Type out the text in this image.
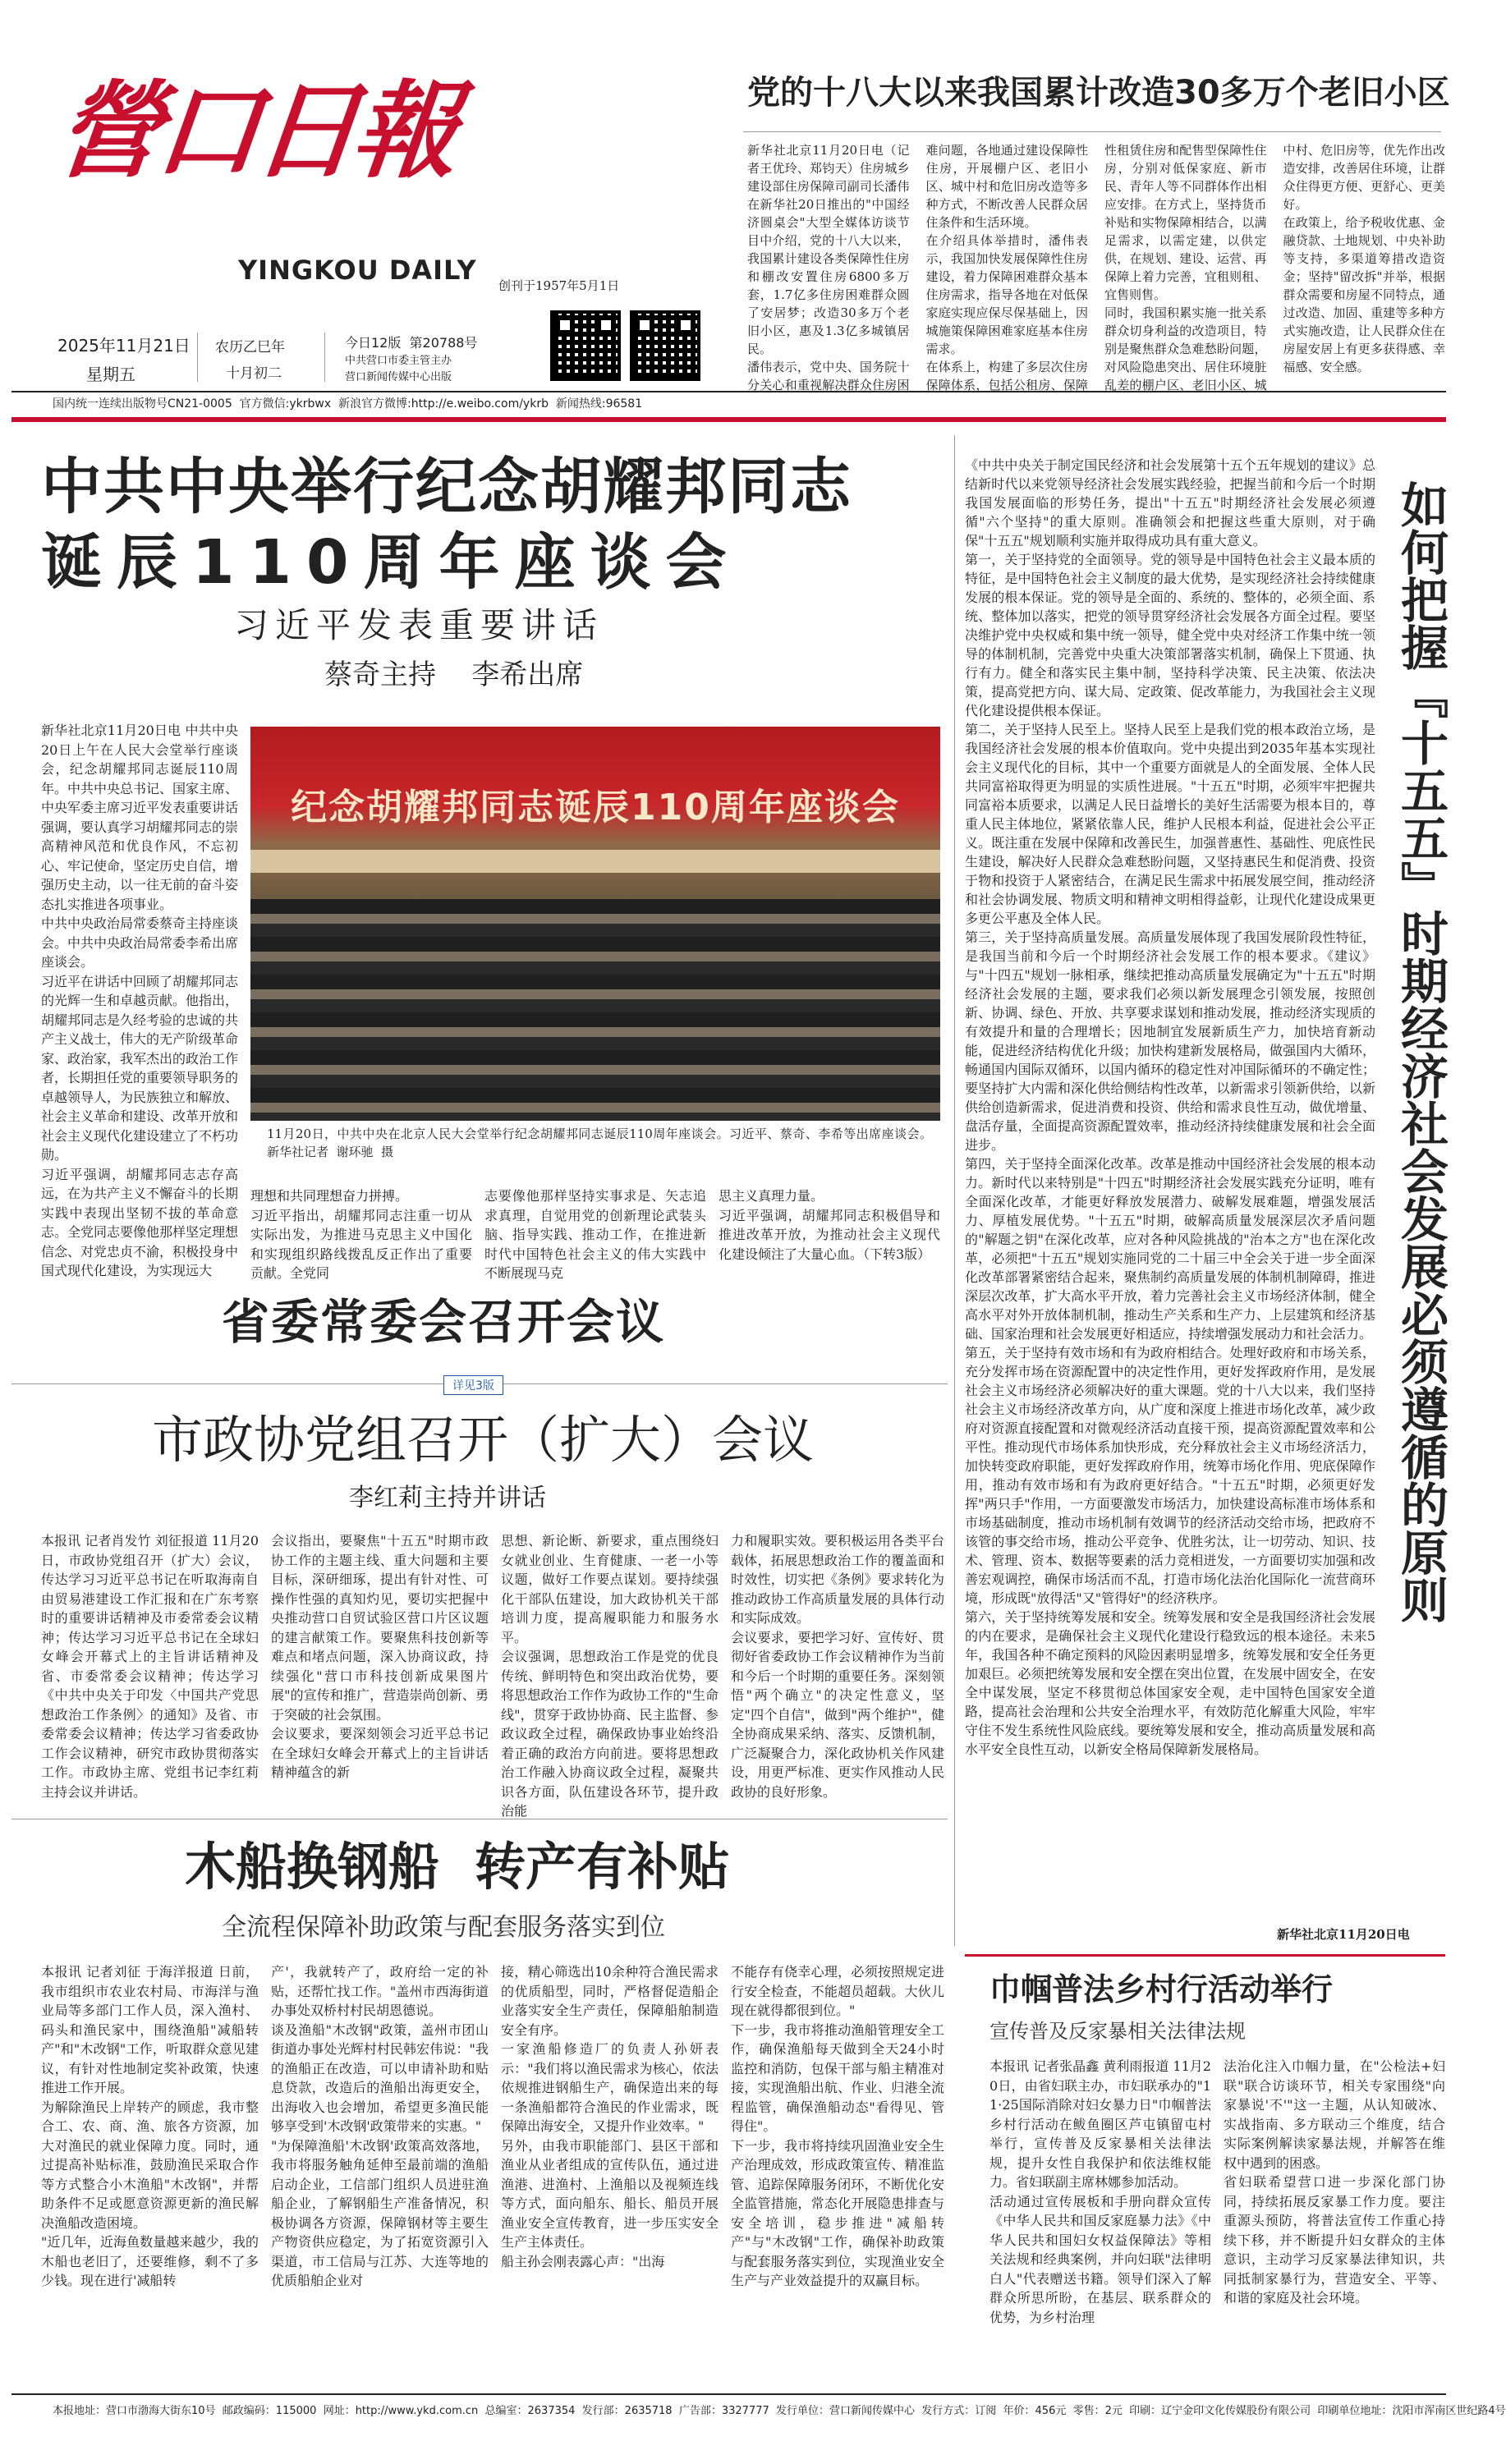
營口日報
YINGKOU DAILY 创刊于1957年5月1日
2025年11月21日
星期五
农历乙巳年
十月初二
今日12版  第20788号
中共营口市委主管主办
营口新闻传媒中心出版
国内统一连续出版物号CN21-0005  官方微信:ykrbwx  新浪官方微博:http://e.weibo.com/ykrb  新闻热线:96581
党的十八大以来我国累计改造30多万个老旧小区
新华社北京11月20日电（记者王优玲、郑钧天）住房城乡建设部住房保障司副司长潘伟在新华社20日推出的"中国经济圆桌会"大型全媒体访谈节目中介绍，党的十八大以来，我国累计建设各类保障性住房和棚改安置住房6800多万套，1.7亿多住房困难群众圆了安居梦；改造30多万个老旧小区，惠及1.3亿多城镇居民。
潘伟表示，党中央、国务院十分关心和重视解决群众住房困难问题，各地通过建设保障性住房，开展棚户区、老旧小区、城中村和危旧房改造等多种方式，不断改善人民群众居住条件和生活环境。
在介绍具体举措时，潘伟表示，我国加快发展保障性住房建设，着力保障困难群众基本住房需求，指导各地在对低保家庭实现应保尽保基础上，因城施策保障困难家庭基本住房需求。
在体系上，构建了多层次住房保障体系，包括公租房、保障性租赁住房和配售型保障性住房，分别对低保家庭、新市民、青年人等不同群体作出相应安排。在方式上，坚持货币补贴和实物保障相结合，以满足需求，以需定建，以供定供，在规划、建设、运营、再保障上着力完善，宜租则租、宜售则售。
同时，我国积累实施一批关系群众切身利益的改造项目，特别是聚焦群众急难愁盼问题，对风险隐患突出、居住环境脏乱差的棚户区、老旧小区、城中村、危旧房等，优先作出改造安排，改善居住环境，让群众住得更方便、更舒心、更美好。
在政策上，给予税收优惠、金融贷款、土地规划、中央补助等支持，多渠道筹措改造资金；坚持"留改拆"并举，根据群众需要和房屋不同特点，通过改造、加固、重建等多种方式实施改造，让人民群众住在房屋安居上有更多获得感、幸福感、安全感。
中共中央举行纪念胡耀邦同志
诞辰110周年座谈会
习近平发表重要讲话
蔡奇主持    李希出席
新华社北京11月20日电 中共中央20日上午在人民大会堂举行座谈会，纪念胡耀邦同志诞辰110周年。中共中央总书记、国家主席、中央军委主席习近平发表重要讲话强调，要认真学习胡耀邦同志的崇高精神风范和优良作风，不忘初心、牢记使命，坚定历史自信，增强历史主动，以一往无前的奋斗姿态扎实推进各项事业。
中共中央政治局常委蔡奇主持座谈会。中共中央政治局常委李希出席座谈会。
习近平在讲话中回顾了胡耀邦同志的光辉一生和卓越贡献。他指出，胡耀邦同志是久经考验的忠诚的共产主义战士，伟大的无产阶级革命家、政治家，我军杰出的政治工作者，长期担任党的重要领导职务的卓越领导人，为民族独立和解放、社会主义革命和建设、改革开放和社会主义现代化建设建立了不朽功勋。
习近平强调，胡耀邦同志志存高远，在为共产主义不懈奋斗的长期实践中表现出坚韧不拔的革命意志。全党同志要像他那样坚定理想信念、对党忠贞不渝，积极投身中国式现代化建设，为实现远大
纪念胡耀邦同志诞辰110周年座谈会
11月20日，中共中央在北京人民大会堂举行纪念胡耀邦同志诞辰110周年座谈会。习近平、蔡奇、李希等出席座谈会。 新华社记者  谢环驰  摄
理想和共同理想奋力拼搏。
习近平指出，胡耀邦同志注重一切从实际出发，为推进马克思主义中国化和实现组织路线拨乱反正作出了重要贡献。全党同
志要像他那样坚持实事求是、矢志追求真理，自觉用党的创新理论武装头脑、指导实践、推动工作，在推进新时代中国特色社会主义的伟大实践中不断展现马克
思主义真理力量。
习近平强调，胡耀邦同志积极倡导和推进改革开放，为推动社会主义现代化建设倾注了大量心血。（下转3版）
省委常委会召开会议
详见3版
市政协党组召开（扩大）会议
李红莉主持并讲话
本报讯 记者肖发竹 刘征报道 11月20日，市政协党组召开（扩大）会议，传达学习习近平总书记在听取海南自由贸易港建设工作汇报和在广东考察时的重要讲话精神及市委常委会议精神；传达学习习近平总书记在全球妇女峰会开幕式上的主旨讲话精神及省、市委常委会议精神；传达学习《中共中央关于印发〈中国共产党思想政治工作条例〉的通知》及省、市委常委会议精神；传达学习省委政协工作会议精神，研究市政协贯彻落实工作。市政协主席、党组书记李红莉主持会议并讲话。
会议指出，要聚焦"十五五"时期市政协工作的主题主线、重大问题和主要目标，深研细琢，提出有针对性、可操作性强的真知灼见，要切实把握中央推动营口自贸试验区营口片区议题的建言献策工作。要聚焦科技创新等难点和堵点问题，深入协商议政，持续强化"营口市科技创新成果图片展"的宣传和推广，营造崇尚创新、勇于突破的社会氛围。
会议要求，要深刻领会习近平总书记在全球妇女峰会开幕式上的主旨讲话精神蕴含的新
思想、新论断、新要求，重点围绕妇女就业创业、生育健康、一老一小等议题，做好工作要点谋划。要持续强化干部队伍建设，加大政协机关干部培训力度，提高履职能力和服务水平。
会议强调，思想政治工作是党的优良传统、鲜明特色和突出政治优势，要将思想政治工作作为政协工作的"生命线"，贯穿于政协协商、民主监督、参政议政全过程，确保政协事业始终沿着正确的政治方向前进。要将思想政治工作融入协商议政全过程，凝聚共识各方面，队伍建设各环节，提升政治能
力和履职实效。要积极运用各类平台载体，拓展思想政治工作的覆盖面和时效性，切实把《条例》要求转化为推动政协工作高质量发展的具体行动和实际成效。
会议要求，要把学习好、宣传好、贯彻好省委政协工作会议精神作为当前和今后一个时期的重要任务。深刻领悟"两个确立"的决定性意义，坚定"四个自信"，做到"两个维护"，健全协商成果采纳、落实、反馈机制，广泛凝聚合力，深化政协机关作风建设，用更严标准、更实作风推动人民政协的良好形象。
木船换钢船  转产有补贴
全流程保障补助政策与配套服务落实到位
本报讯 记者刘征 于海洋报道 日前，我市组织市农业农村局、市海洋与渔业局等多部门工作人员，深入渔村、码头和渔民家中，围绕渔船"减船转产"和"木改钢"工作，听取群众意见建议，有针对性地制定奖补政策，快速推进工作开展。
为解除渔民上岸转产的顾虑，我市整合工、农、商、渔、旅各方资源，加大对渔民的就业保障力度。同时，通过提高补贴标准，鼓励渔民采取合作等方式整合小木渔船"木改钢"，并帮助条件不足或愿意资源更新的渔民解决渔船改造困境。
"近几年，近海鱼数量越来越少，我的木船也老旧了，还要维修，剩不了多少钱。现在进行'减船转
产'，我就转产了，政府给一定的补贴，还帮忙找工作。"盖州市西海街道办事处双桥村村民胡恩德说。
谈及渔船"木改钢"政策，盖州市团山街道办事处光辉村村民韩宏伟说："我的渔船正在改造，可以申请补助和贴息贷款，改造后的渔船出海更安全，出海收入也会增加，希望更多渔民能够享受到'木改钢'政策带来的实惠。"
"为保障渔船'木改钢'政策高效落地，我市将服务触角延伸至最前端的渔船启动企业，工信部门组织人员进驻渔船企业，了解钢船生产准备情况，积极协调各方资源，保障钢材等主要生产物资供应稳定，为了拓宽资源引入渠道，市工信局与江苏、大连等地的优质船舶企业对
接，精心筛选出10余种符合渔民需求的优质船型，同时，严格督促造船企业落实安全生产责任，保障船舶制造安全有序。
一家渔船修造厂的负责人孙妍表示："我们将以渔民需求为核心，依法依规推进钢船生产，确保造出来的每一条渔船都符合渔民的作业需求，既保障出海安全，又提升作业效率。"
另外，由我市职能部门、县区干部和渔业从业者组成的宣传队伍，通过进渔港、进渔村、上渔船以及视频连线等方式，面向船东、船长、船员开展渔业安全宣传教育，进一步压实安全生产主体责任。
船主孙会刚表露心声："出海
不能存有侥幸心理，必须按照规定进行安全检查，不能超员超载。大伙儿现在就得都很到位。"
下一步，我市将推动渔船管理安全工作，确保渔船每天做到全天24小时监控和消防，包保干部与船主精准对接，实现渔船出航、作业、归港全流程监管，确保渔船动态"看得见、管得住"。
下一步，我市将持续巩固渔业安全生产治理成效，形成政策宣传、精准监管、追踪保障服务闭环，不断优化安全监管措施，常态化开展隐患排查与安全培训，稳步推进"减船转产"与"木改钢"工作，确保补助政策与配套服务落实到位，实现渔业安全生产与产业效益提升的双赢目标。
《中共中央关于制定国民经济和社会发展第十五个五年规划的建议》总结新时代以来党领导经济社会发展实践经验，把握当前和今后一个时期我国发展面临的形势任务，提出"十五五"时期经济社会发展必须遵循"六个坚持"的重大原则。准确领会和把握这些重大原则，对于确保"十五五"规划顺利实施并取得成功具有重大意义。
第一，关于坚持党的全面领导。党的领导是中国特色社会主义最本质的特征，是中国特色社会主义制度的最大优势，是实现经济社会持续健康发展的根本保证。党的领导是全面的、系统的、整体的，必须全面、系统、整体加以落实，把党的领导贯穿经济社会发展各方面全过程。要坚决维护党中央权威和集中统一领导，健全党中央对经济工作集中统一领导的体制机制，完善党中央重大决策部署落实机制，确保上下贯通、执行有力。健全和落实民主集中制，坚持科学决策、民主决策、依法决策，提高党把方向、谋大局、定政策、促改革能力，为我国社会主义现代化建设提供根本保证。
第二，关于坚持人民至上。坚持人民至上是我们党的根本政治立场，是我国经济社会发展的根本价值取向。党中央提出到2035年基本实现社会主义现代化的目标，其中一个重要方面就是人的全面发展、全体人民共同富裕取得更为明显的实质性进展。"十五五"时期，必须牢牢把握共同富裕本质要求，以满足人民日益增长的美好生活需要为根本目的，尊重人民主体地位，紧紧依靠人民，维护人民根本利益，促进社会公平正义。既注重在发展中保障和改善民生，加强普惠性、基础性、兜底性民生建设，解决好人民群众急难愁盼问题，又坚持惠民生和促消费、投资于物和投资于人紧密结合，在满足民生需求中拓展发展空间，推动经济和社会协调发展、物质文明和精神文明相得益彰，让现代化建设成果更多更公平惠及全体人民。
第三，关于坚持高质量发展。高质量发展体现了我国发展阶段性特征，是我国当前和今后一个时期经济社会发展工作的根本要求。《建议》与"十四五"规划一脉相承，继续把推动高质量发展确定为"十五五"时期经济社会发展的主题，要求我们必须以新发展理念引领发展，按照创新、协调、绿色、开放、共享要求谋划和推动发展，推动经济实现质的有效提升和量的合理增长；因地制宜发展新质生产力，加快培育新动能，促进经济结构优化升级；加快构建新发展格局，做强国内大循环，畅通国内国际双循环，以国内循环的稳定性对冲国际循环的不确定性；要坚持扩大内需和深化供给侧结构性改革，以新需求引领新供给，以新供给创造新需求，促进消费和投资、供给和需求良性互动，做优增量、盘活存量，全面提高资源配置效率，推动经济持续健康发展和社会全面进步。
第四，关于坚持全面深化改革。改革是推动中国经济社会发展的根本动力。新时代以来特别是"十四五"时期经济社会发展实践充分证明，唯有全面深化改革，才能更好释放发展潜力、破解发展难题，增强发展活力、厚植发展优势。"十五五"时期，破解高质量发展深层次矛盾问题的"解题之钥"在深化改革，应对各种风险挑战的"治本之方"也在深化改革，必须把"十五五"规划实施同党的二十届三中全会关于进一步全面深化改革部署紧密结合起来，聚焦制约高质量发展的体制机制障碍，推进深层次改革，扩大高水平开放，着力完善社会主义市场经济体制，健全高水平对外开放体制机制，推动生产关系和生产力、上层建筑和经济基础、国家治理和社会发展更好相适应，持续增强发展动力和社会活力。
第五，关于坚持有效市场和有为政府相结合。处理好政府和市场关系，充分发挥市场在资源配置中的决定性作用，更好发挥政府作用，是发展社会主义市场经济必须解决好的重大课题。党的十八大以来，我们坚持社会主义市场经济改革方向，从广度和深度上推进市场化改革，减少政府对资源直接配置和对微观经济活动直接干预，提高资源配置效率和公平性。推动现代市场体系加快形成，充分释放社会主义市场经济活力，加快转变政府职能，更好发挥政府作用，统筹市场化作用、兜底保障作用，推动有效市场和有为政府更好结合。"十五五"时期，必须更好发挥"两只手"作用，一方面要激发市场活力，加快建设高标准市场体系和市场基础制度，推动市场机制有效调节的经济活动交给市场，把政府不该管的事交给市场，推动公平竞争、优胜劣汰，让一切劳动、知识、技术、管理、资本、数据等要素的活力竞相迸发，一方面要切实加强和改善宏观调控，确保市场活而不乱，打造市场化法治化国际化一流营商环境，形成既"放得活"又"管得好"的经济秩序。
第六，关于坚持统筹发展和安全。统筹发展和安全是我国经济社会发展的内在要求，是确保社会主义现代化建设行稳致远的根本途径。未来5年，我国各种不确定预料的风险因素明显增多，统筹发展和安全任务更加艰巨。必须把统筹发展和安全摆在突出位置，在发展中固安全，在安全中谋发展，坚定不移贯彻总体国家安全观，走中国特色国家安全道路，提高社会治理和公共安全治理水平，有效防范化解重大风险，牢牢守住不发生系统性风险底线。要统筹发展和安全，推动高质量发展和高水平安全良性互动，以新安全格局保障新发展格局。
如何把握『十五五』时期经济社会发展必须遵循的原则
新华社北京11月20日电
巾帼普法乡村行活动举行
宣传普及反家暴相关法律法规
本报讯 记者张晶鑫 黄利雨报道 11月20日，由省妇联主办，市妇联承办的"11·25国际消除对妇女暴力日"巾帼普法乡村行活动在鲅鱼圈区芦屯镇留屯村举行，宣传普及反家暴相关法律法规，提升女性自我保护和依法维权能力。省妇联副主席林娜参加活动。
活动通过宣传展板和手册向群众宣传《中华人民共和国反家庭暴力法》《中华人民共和国妇女权益保障法》等相关法规和经典案例，并向妇联"法律明白人"代表赠送书籍。领导们深入了解群众所思所盼，在基层、联系群众的优势，为乡村治理
法治化注入巾帼力量，在"公检法+妇联"联合访谈环节，相关专家围绕"向家暴说'不'"这一主题，从认知破冰、实战指南、多方联动三个维度，结合实际案例解读家暴法规，并解答在维权中遇到的困惑。
省妇联希望营口进一步深化部门协同，持续拓展反家暴工作力度。要注重源头预防，将普法宣传工作重心持续下移，并不断提升妇女群众的主体意识，主动学习反家暴法律知识，共同抵制家暴行为，营造安全、平等、和谐的家庭及社会环境。
本报地址：营口市渤海大街东10号  邮政编码：115000  网址：http://www.ykd.com.cn  总编室：2637354  发行部：2635718  广告部：3327777  发行单位：营口新闻传媒中心  发行方式：订阅  年价：456元  零售：2元  印刷：辽宁金印文化传媒股份有限公司  印刷单位地址：沈阳市浑南区世纪路4号
